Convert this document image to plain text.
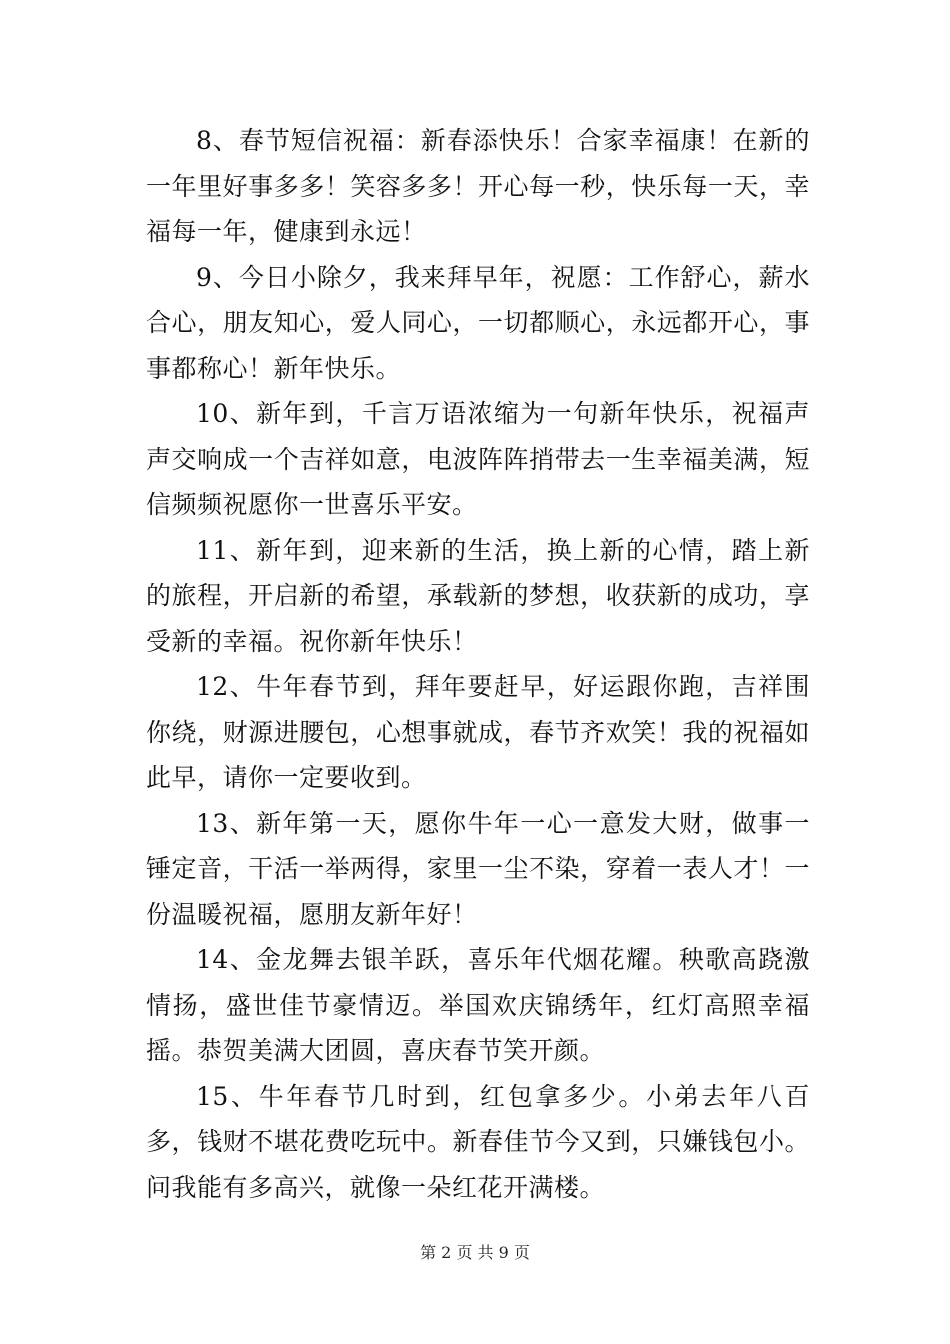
8、春节短信祝福：新春添快乐！合家幸福康！在新的一年里好事多多！笑容多多！开心每一秒，快乐每一天，幸福每一年，健康到永远！

9、今日小除夕，我来拜早年，祝愿：工作舒心，薪水合心，朋友知心，爱人同心，一切都顺心，永远都开心，事事都称心！新年快乐。

10、新年到，千言万语浓缩为一句新年快乐，祝福声声交响成一个吉祥如意，电波阵阵捎带去一生幸福美满，短信频频祝愿你一世喜乐平安。

11、新年到，迎来新的生活，换上新的心情，踏上新的旅程，开启新的希望，承载新的梦想，收获新的成功，享受新的幸福。祝你新年快乐！

12、牛年春节到，拜年要赶早，好运跟你跑，吉祥围你绕，财源进腰包，心想事就成，春节齐欢笑！我的祝福如此早，请你一定要收到。

13、新年第一天，愿你牛年一心一意发大财，做事一锤定音，干活一举两得，家里一尘不染，穿着一表人才！一份温暖祝福，愿朋友新年好！

14、金龙舞去银羊跃，喜乐年代烟花耀。秧歌高跷激情扬，盛世佳节豪情迈。举国欢庆锦绣年，红灯高照幸福摇。恭贺美满大团圆，喜庆春节笑开颜。

15、牛年春节几时到，红包拿多少。小弟去年八百多，钱财不堪花费吃玩中。新春佳节今又到，只嫌钱包小。问我能有多高兴，就像一朵红花开满楼。

第 2 页 共 9 页
